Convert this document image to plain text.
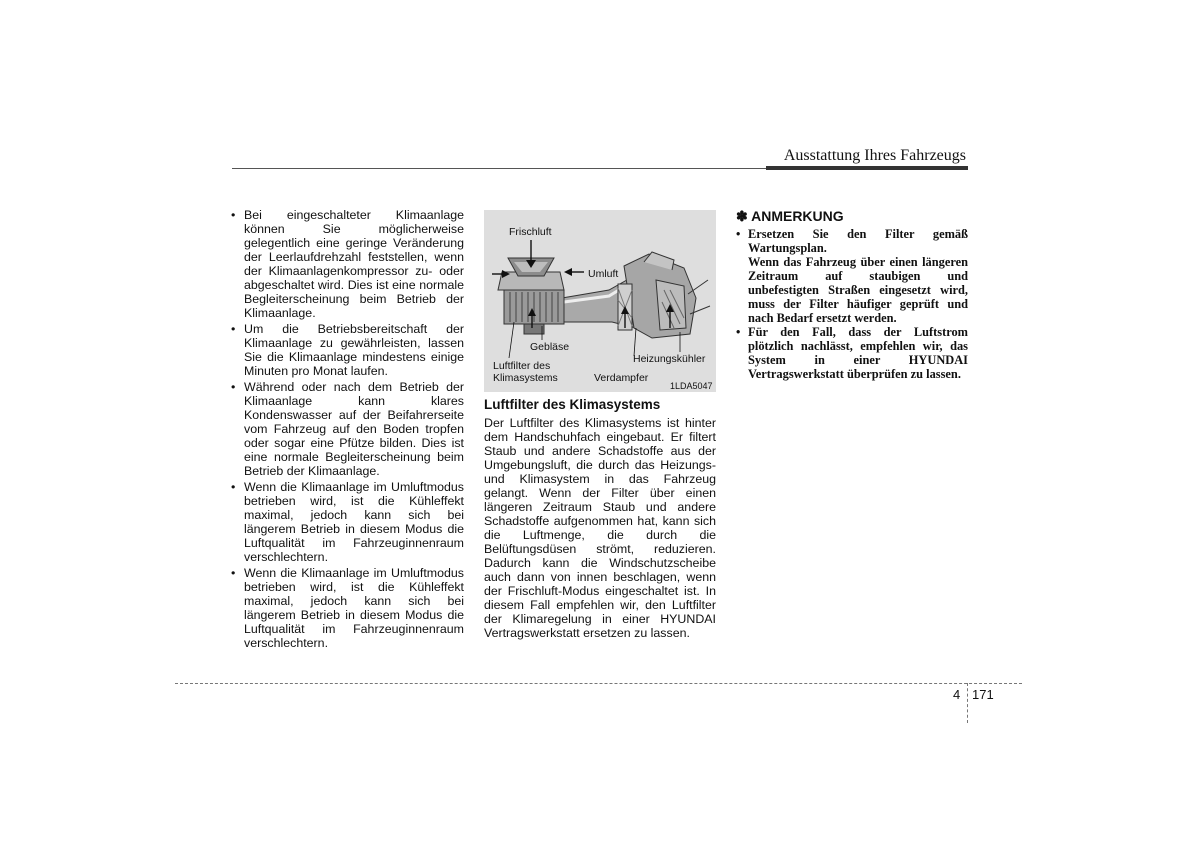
Ausstattung Ihres Fahrzeugs
• Bei eingeschalteter Klimaanlage können Sie möglicherweise gelegentlich eine geringe Veränderung der Leerlaufdrehzahl feststellen, wenn der Klimaanlagenkompressor zu- oder abgeschaltet wird. Dies ist eine normale Begleiterscheinung beim Betrieb der Klimaanlage.
• Um die Betriebsbereitschaft der Klimaanlage zu gewährleisten, lassen Sie die Klimaanlage mindestens einige Minuten pro Monat laufen.
• Während oder nach dem Betrieb der Klimaanlage kann klares Kondenswasser auf der Beifahrerseite vom Fahrzeug auf den Boden tropfen oder sogar eine Pfütze bilden. Dies ist eine normale Begleiterscheinung beim Betrieb der Klimaanlage.
• Wenn die Klimaanlage im Umluftmodus betrieben wird, ist die Kühleffekt maximal, jedoch kann sich bei längerem Betrieb in diesem Modus die Luftqualität im Fahrzeuginnenraum verschlechtern.
• Wenn die Klimaanlage im Umluftmodus betrieben wird, ist die Kühleffekt maximal, jedoch kann sich bei längerem Betrieb in diesem Modus die Luftqualität im Fahrzeuginnenraum verschlechtern.
Frischluft
Umluft
Gebläse
Luftfilter des
Klimasystems
Heizungskühler
Verdampfer
1LDA5047
Luftfilter des Klimasystems

Der Luftfilter des Klimasystems ist hinter dem Handschuhfach eingebaut. Er filtert Staub und andere Schadstoffe aus der Umgebungsluft, die durch das Heizungs- und Klimasystem in das Fahrzeug gelangt. Wenn der Filter über einen längeren Zeitraum Staub und andere Schadstoffe aufgenommen hat, kann sich die Luftmenge, die durch die Belüftungsdüsen strömt, reduzieren. Dadurch kann die Windschutzscheibe auch dann von innen beschlagen, wenn der Frischluft-Modus eingeschaltet ist. In diesem Fall empfehlen wir, den Luftfilter der Klimaregelung in einer HYUNDAI Vertragswerkstatt ersetzen zu lassen.

✽ ANMERKUNG
• Ersetzen Sie den Filter gemäß Wartungsplan.
Wenn das Fahrzeug über einen längeren Zeitraum auf staubigen und unbefestigten Straßen eingesetzt wird, muss der Filter häufiger geprüft und nach Bedarf ersetzt werden.
• Für den Fall, dass der Luftstrom plötzlich nachlässt, empfehlen wir, das System in einer HYUNDAI Vertragswerkstatt überprüfen zu lassen.
4 171
